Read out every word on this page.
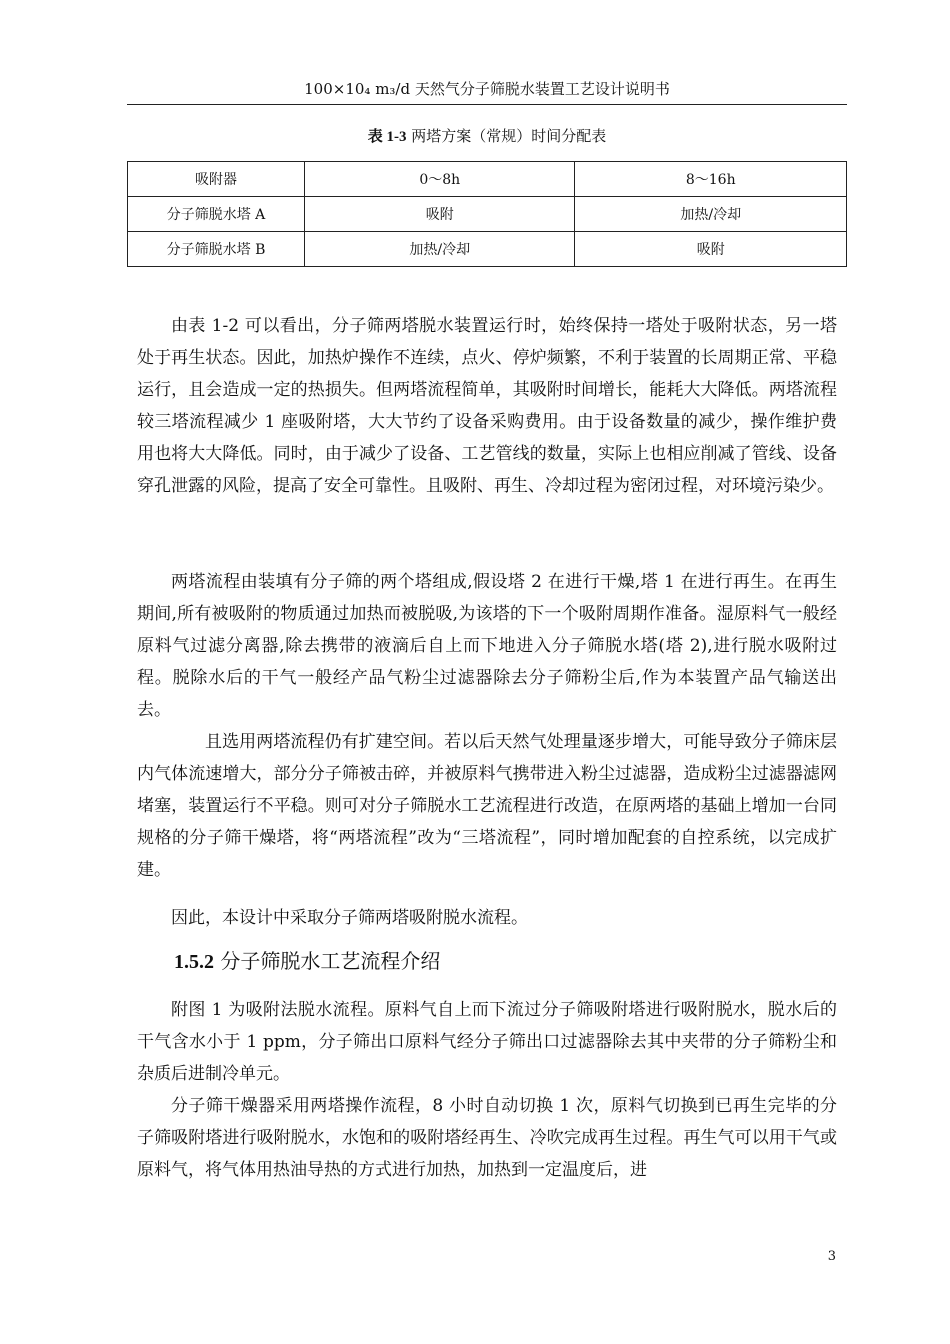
100×10₄ m₃/d 天然气分子筛脱水装置工艺设计说明书
表 1-3 两塔方案（常规）时间分配表
吸附器	0～8h	8～16h
分子筛脱水塔 A	吸附	加热/冷却
分子筛脱水塔 B	加热/冷却	吸附

由表 1-2 可以看出，分子筛两塔脱水装置运行时，始终保持一塔处于吸附状态，另一塔处于再生状态。因此，加热炉操作不连续，点火、停炉频繁，不利于装置的长周期正常、平稳运行，且会造成一定的热损失。但两塔流程简单，其吸附时间增长，能耗大大降低。两塔流程较三塔流程减少 1 座吸附塔，大大节约了设备采购费用。由于设备数量的减少，操作维护费用也将大大降低。同时，由于减少了设备、工艺管线的数量，实际上也相应削减了管线、设备穿孔泄露的风险，提高了安全可靠性。且吸附、再生、冷却过程为密闭过程，对环境污染少。

两塔流程由装填有分子筛的两个塔组成,假设塔 2 在进行干燥,塔 1 在进行再生。在再生期间,所有被吸附的物质通过加热而被脱吸,为该塔的下一个吸附周期作准备。湿原料气一般经原料气过滤分离器,除去携带的液滴后自上而下地进入分子筛脱水塔(塔 2),进行脱水吸附过程。脱除水后的干气一般经产品气粉尘过滤器除去分子筛粉尘后,作为本装置产品气输送出去。

且选用两塔流程仍有扩建空间。若以后天然气处理量逐步增大，可能导致分子筛床层内气体流速增大，部分分子筛被击碎，并被原料气携带进入粉尘过滤器，造成粉尘过滤器滤网堵塞，装置运行不平稳。则可对分子筛脱水工艺流程进行改造，在原两塔的基础上增加一台同规格的分子筛干燥塔，将“两塔流程”改为“三塔流程”，同时增加配套的自控系统，以完成扩建。

因此，本设计中采取分子筛两塔吸附脱水流程。

1.5.2 分子筛脱水工艺流程介绍

附图 1 为吸附法脱水流程。原料气自上而下流过分子筛吸附塔进行吸附脱水，脱水后的干气含水小于 1 ppm，分子筛出口原料气经分子筛出口过滤器除去其中夹带的分子筛粉尘和杂质后进制冷单元。

分子筛干燥器采用两塔操作流程，8 小时自动切换 1 次，原料气切换到已再生完毕的分子筛吸附塔进行吸附脱水，水饱和的吸附塔经再生、冷吹完成再生过程。再生气可以用干气或原料气，将气体用热油导热的方式进行加热，加热到一定温度后，进

3
